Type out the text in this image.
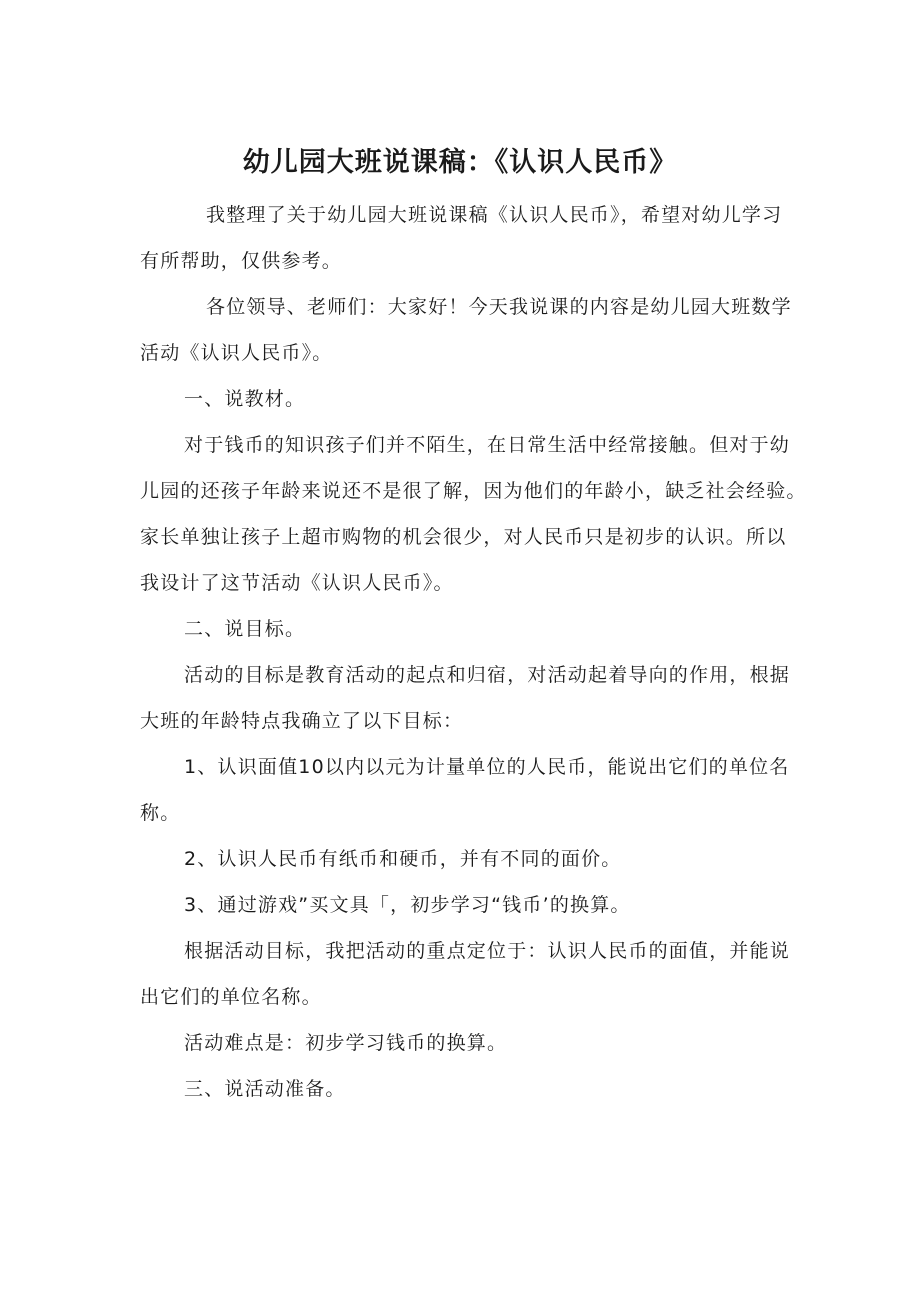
幼儿园大班说课稿：《认识人民币》
我整理了关于幼儿园大班说课稿《认识人民币》，希望对幼儿学习
有所帮助，仅供参考。
各位领导、老师们：大家好！今天我说课的内容是幼儿园大班数学
活动《认识人民币》。
一、说教材。
对于钱币的知识孩子们并不陌生，在日常生活中经常接触。但对于幼
儿园的还孩子年龄来说还不是很了解，因为他们的年龄小，缺乏社会经验。
家长单独让孩子上超市购物的机会很少，对人民币只是初步的认识。所以
我设计了这节活动《认识人民币》。
二、说目标。
活动的目标是教育活动的起点和归宿，对活动起着导向的作用，根据
大班的年龄特点我确立了以下目标：
1、认识面值10以内以元为计量单位的人民币，能说出它们的单位名
称。
2、认识人民币有纸币和硬币，并有不同的面价。
3、通过游戏”买文具「，初步学习“钱币’的换算。
根据活动目标，我把活动的重点定位于：认识人民币的面值，并能说
出它们的单位名称。
活动难点是：初步学习钱币的换算。
三、说活动准备。
